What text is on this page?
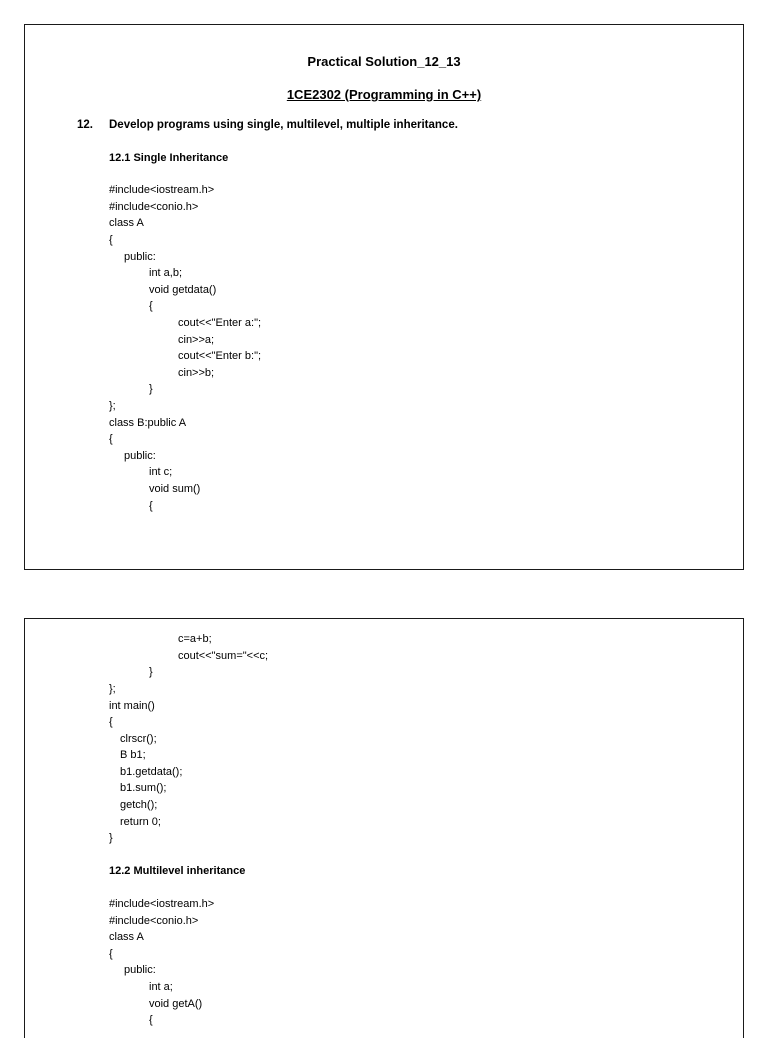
Practical Solution_12_13

1CE2302 (Programming in C++)

12. Develop programs using single, multilevel, multiple inheritance.

12.1 Single Inheritance

#include<iostream.h>

#include<conio.h>

class A

{

public:

int a,b;

void getdata()

{

cout<<"Enter a:";

cin>>a;

cout<<"Enter b:";

cin>>b;

}

};

class B:public A

{

public:

int c;

void sum()

{

c=a+b;

cout<<"sum="<<c;

}

};

int main()

{

clrscr();

B b1;

b1.getdata();

b1.sum();

getch();

return 0;

}

12.2 Multilevel inheritance

#include<iostream.h>

#include<conio.h>

class A

{

public:

int a;

void getA()

{
